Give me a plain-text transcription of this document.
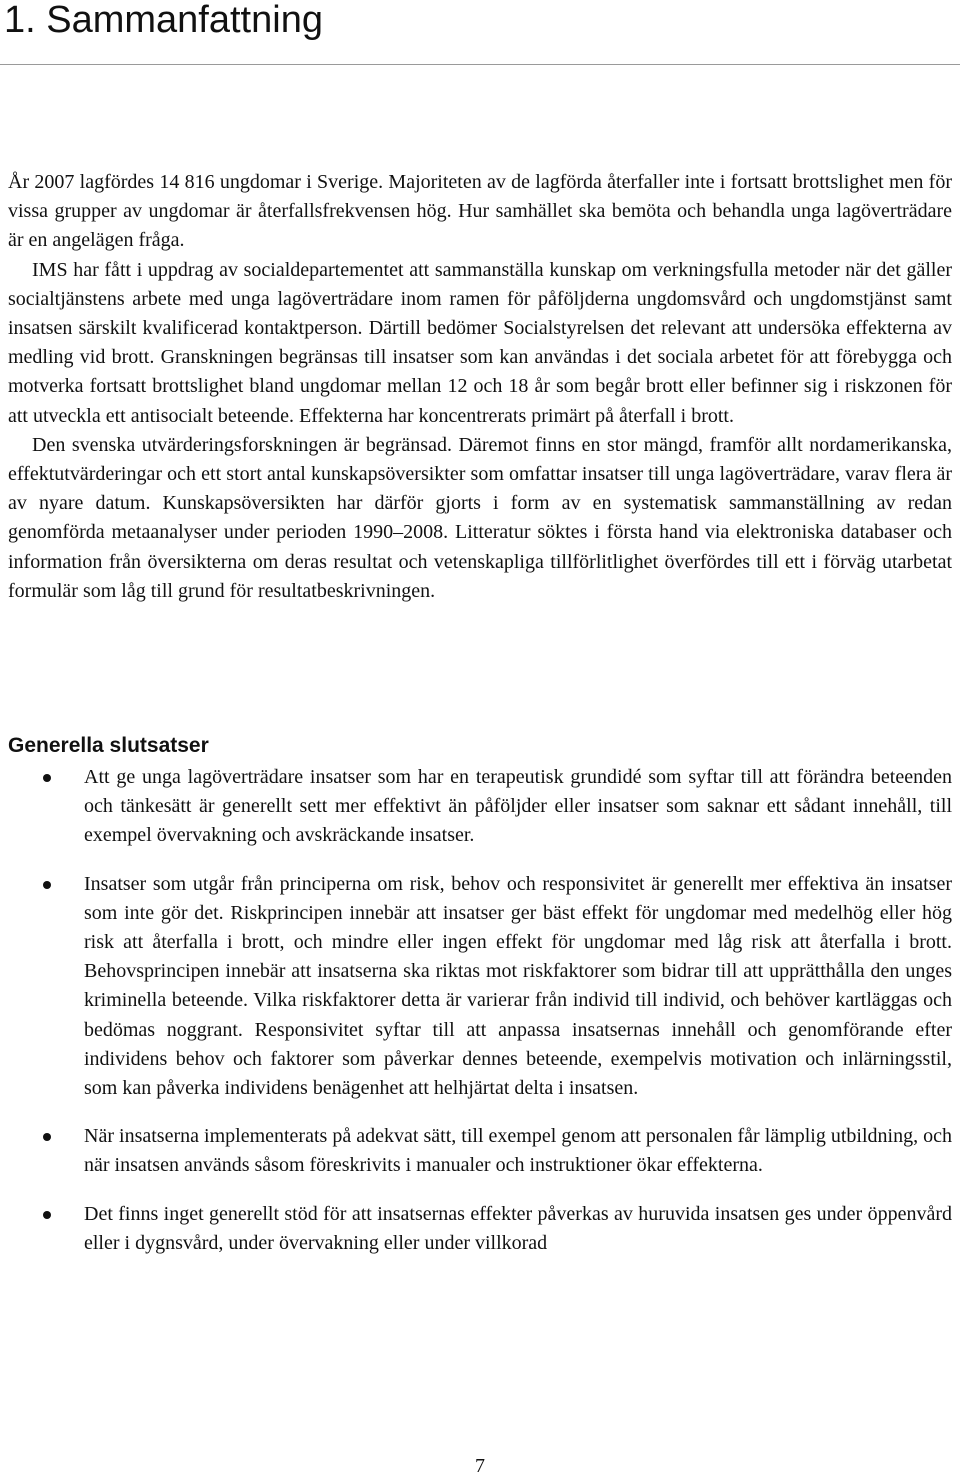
1. Sammanfattning

År 2007 lagfördes 14 816 ungdomar i Sverige. Majoriteten av de lagförda återfaller inte i fortsatt brottslighet men för vissa grupper av ungdomar är återfallsfrekvensen hög. Hur samhället ska bemöta och behandla unga lagöverträdare är en angelägen fråga.

IMS har fått i uppdrag av socialdepartementet att sammanställa kunskap om verkningsfulla metoder när det gäller socialtjänstens arbete med unga lagöverträdare inom ramen för påföljderna ungdomsvård och ungdomstjänst samt insatsen särskilt kvalificerad kontaktperson. Därtill bedömer Socialstyrelsen det relevant att undersöka effekterna av medling vid brott. Granskningen begränsas till insatser som kan användas i det sociala arbetet för att förebygga och motverka fortsatt brottslighet bland ungdomar mellan 12 och 18 år som begår brott eller befinner sig i riskzonen för att utveckla ett antisocialt beteende. Effekterna har koncentrerats primärt på återfall i brott.

Den svenska utvärderingsforskningen är begränsad. Däremot finns en stor mängd, framför allt nordamerikanska, effektutvärderingar och ett stort antal kunskapsöversikter som omfattar insatser till unga lagöverträdare, varav flera är av nyare datum. Kunskapsöversikten har därför gjorts i form av en systematisk sammanställning av redan genomförda metaanalyser under perioden 1990–2008. Litteratur söktes i första hand via elektroniska databaser och information från översikterna om deras resultat och vetenskapliga tillförlitlighet överfördes till ett i förväg utarbetat formulär som låg till grund för resultatbeskrivningen.

Generella slutsatser
Att ge unga lagöverträdare insatser som har en terapeutisk grundidé som syftar till att förändra beteenden och tänkesätt är generellt sett mer effektivt än påföljder eller insatser som saknar ett sådant innehåll, till exempel övervakning och avskräckande insatser.
Insatser som utgår från principerna om risk, behov och responsivitet är generellt mer effektiva än insatser som inte gör det. Riskprincipen innebär att insatser ger bäst effekt för ungdomar med medelhög eller hög risk att återfalla i brott, och mindre eller ingen effekt för ungdomar med låg risk att återfalla i brott. Behovsprincipen innebär att insatserna ska riktas mot riskfaktorer som bidrar till att upprätthålla den unges kriminella beteende. Vilka riskfaktorer detta är varierar från individ till individ, och behöver kartläggas och bedömas noggrant. Responsivitet syftar till att anpassa insatsernas innehåll och genomförande efter individens behov och faktorer som påverkar dennes beteende, exempelvis motivation och inlärningsstil, som kan påverka individens benägenhet att helhjärtat delta i insatsen.
När insatserna implementerats på adekvat sätt, till exempel genom att personalen får lämplig utbildning, och när insatsen används såsom föreskrivits i manualer och instruktioner ökar effekterna.
Det finns inget generellt stöd för att insatsernas effekter påverkas av huruvida insatsen ges under öppenvård eller i dygnsvård, under övervakning eller under villkorad

7
